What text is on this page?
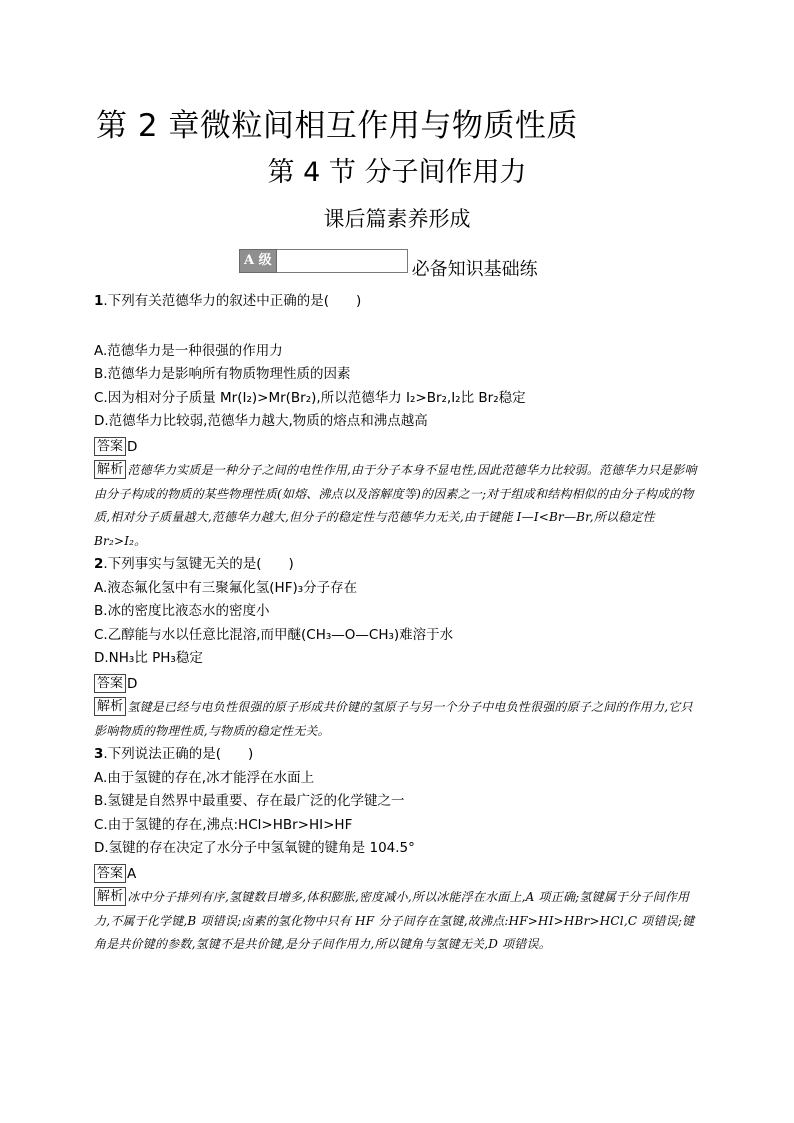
第 2 章微粒间相互作用与物质性质
第 4 节 分子间作用力
课后篇素养形成
A 级	必备知识基础练

1.下列有关范德华力的叙述中正确的是(　　)

A.范德华力是一种很强的作用力

B.范德华力是影响所有物质物理性质的因素

C.因为相对分子质量 Mr(I₂)>Mr(Br₂),所以范德华力 I₂>Br₂,I₂比 Br₂稳定

D.范德华力比较弱,范德华力越大,物质的熔点和沸点越高

答案 D

解析 范德华力实质是一种分子之间的电性作用,由于分子本身不显电性,因此范德华力比较弱。范德华力只是影响由分子构成的物质的某些物理性质(如熔、沸点以及溶解度等)的因素之一;对于组成和结构相似的由分子构成的物质,相对分子质量越大,范德华力越大,但分子的稳定性与范德华力无关,由于键能 I—I<Br—Br,所以稳定性 Br₂>I₂。

2.下列事实与氢键无关的是(　　)

A.液态氟化氢中有三聚氟化氢(HF)₃分子存在

B.冰的密度比液态水的密度小

C.乙醇能与水以任意比混溶,而甲醚(CH₃—O—CH₃)难溶于水

D.NH₃比 PH₃稳定

答案 D

解析 氢键是已经与电负性很强的原子形成共价键的氢原子与另一个分子中电负性很强的原子之间的作用力,它只影响物质的物理性质,与物质的稳定性无关。

3.下列说法正确的是(　　)

A.由于氢键的存在,冰才能浮在水面上

B.氢键是自然界中最重要、存在最广泛的化学键之一

C.由于氢键的存在,沸点:HCl>HBr>HI>HF

D.氢键的存在决定了水分子中氢氧键的键角是 104.5°

答案 A

解析 冰中分子排列有序,氢键数目增多,体积膨胀,密度减小,所以冰能浮在水面上,A 项正确;氢键属于分子间作用力,不属于化学键,B 项错误;卤素的氢化物中只有 HF 分子间存在氢键,故沸点:HF>HI>HBr>HCl,C 项错误;键角是共价键的参数,氢键不是共价键,是分子间作用力,所以键角与氢键无关,D 项错误。
